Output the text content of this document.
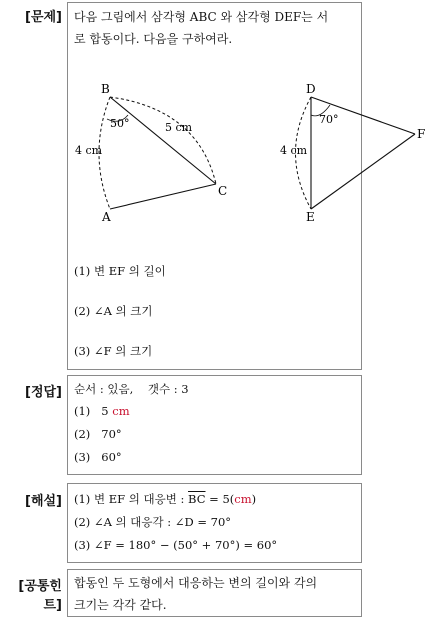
[문제]
[정답]
[해설]
[공통힌트]
다음 그림에서 삼각형 ABC 와 삼각형 DEF는 서
로 합동이다. 다음을 구하여라.
B
A
C
50°	5 cm
4 cm
D
E
F
70°
4 cm
(1) 변 EF 의 길이
(2) ∠A 의 크기
(3) ∠F 의 크기
순서 : 있음,    갯수 : 3
(1) 5 cm
(2) 70°
(3) 60°
(1) 변 EF 의 대응변 : $\overline{BC} = 5(cm)$
(2) ∠A 의 대응각 : ∠D = 70°
(3) ∠F = 180° − (50° + 70°) = 60°
합동인 두 도형에서 대응하는 변의 길이와 각의
크기는 각각 같다.
